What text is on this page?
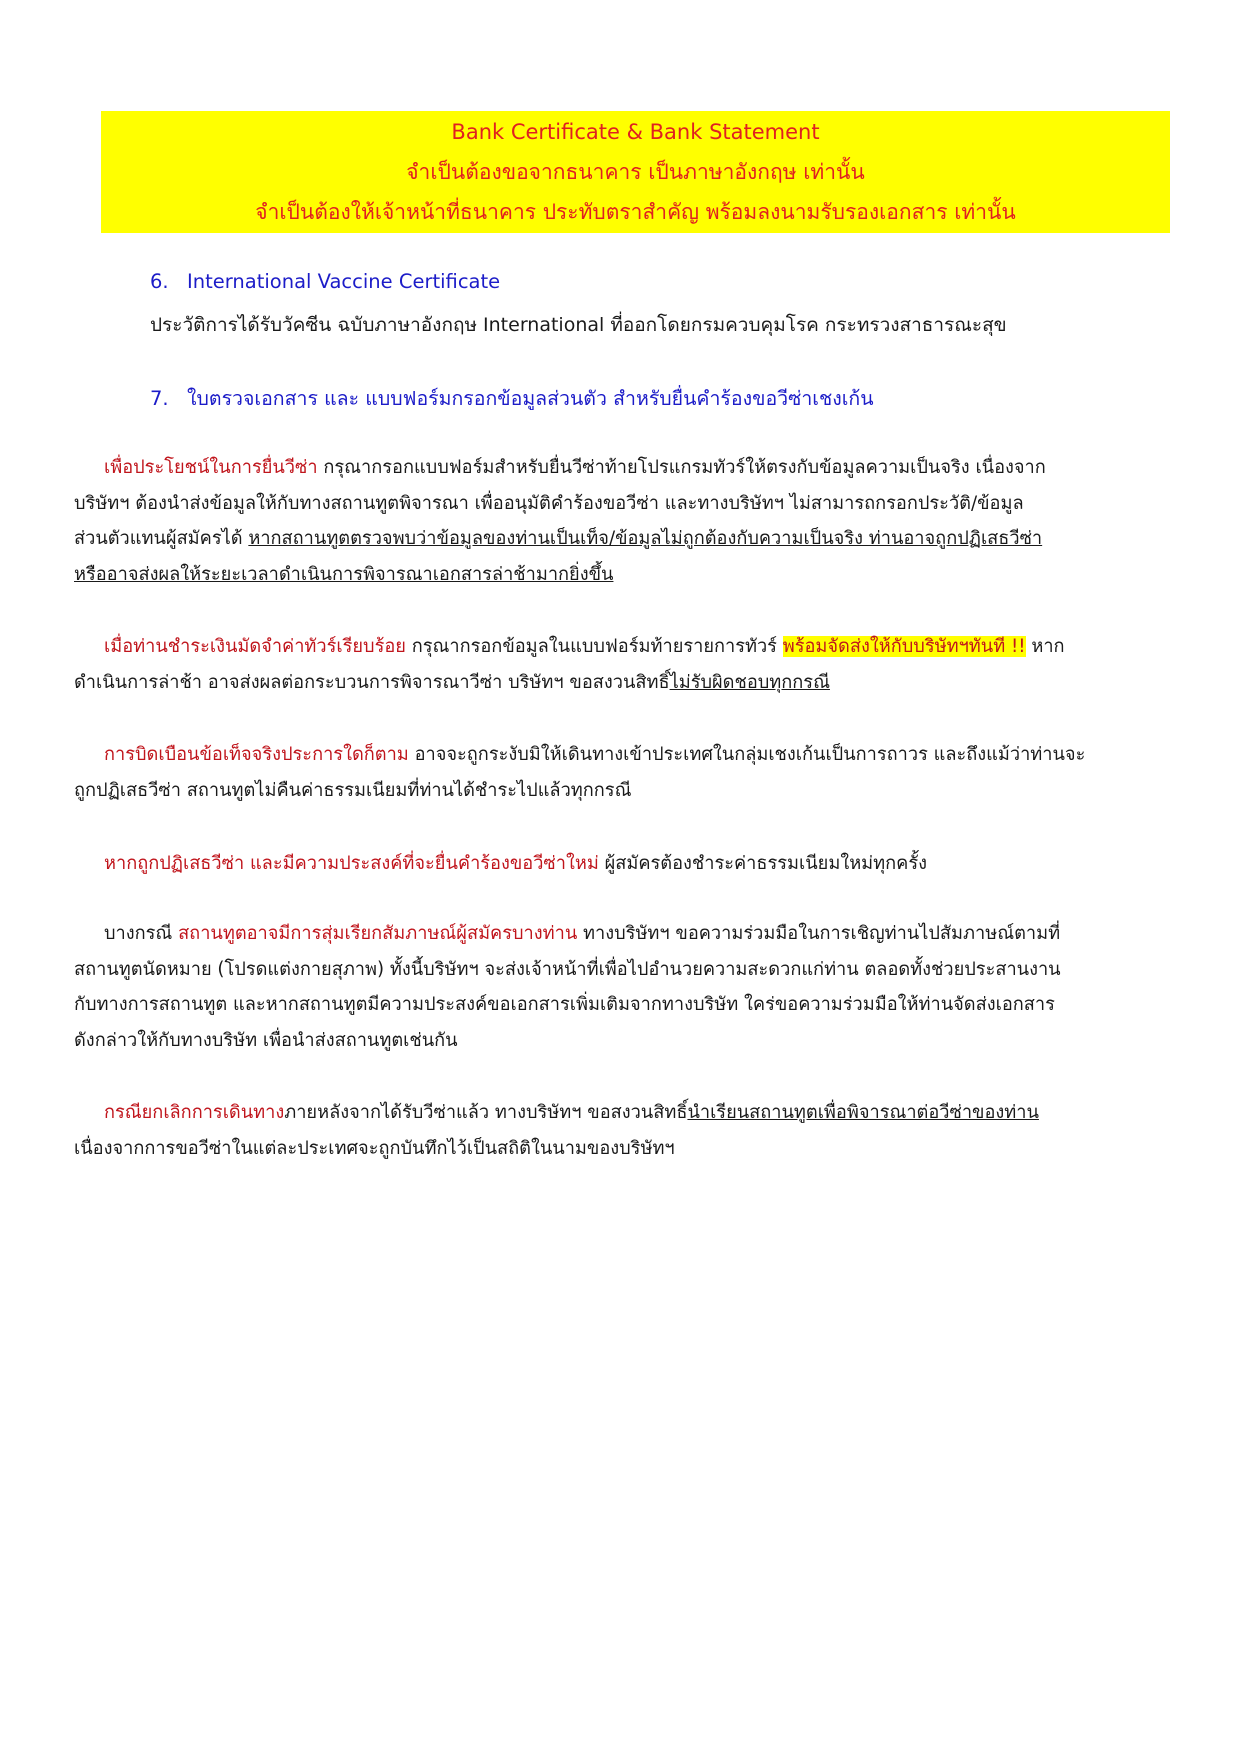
Bank Certificate & Bank Statement
จำเป็นต้องขอจากธนาคาร เป็นภาษาอังกฤษ เท่านั้น
จำเป็นต้องให้เจ้าหน้าที่ธนาคาร ประทับตราสำคัญ พร้อมลงนามรับรองเอกสาร เท่านั้น
6. International Vaccine Certificate
ประวัติการได้รับวัคซีน ฉบับภาษาอังกฤษ International ที่ออกโดยกรมควบคุมโรค กระทรวงสาธารณะสุข
7. ใบตรวจเอกสาร และ แบบฟอร์มกรอกข้อมูลส่วนตัว สำหรับยื่นคำร้องขอวีซ่าเชงเก้น
เพื่อประโยชน์ในการยื่นวีซ่า กรุณากรอกแบบฟอร์มสำหรับยื่นวีซ่าท้ายโปรแกรมทัวร์ให้ตรงกับข้อมูลความเป็นจริง เนื่องจาก
บริษัทฯ ต้องนำส่งข้อมูลให้กับทางสถานทูตพิจารณา เพื่ออนุมัติคำร้องขอวีซ่า และทางบริษัทฯ ไม่สามารถกรอกประวัติ/ข้อมูล
ส่วนตัวแทนผู้สมัครได้ หากสถานทูตตรวจพบว่าข้อมูลของท่านเป็นเท็จ/ข้อมูลไม่ถูกต้องกับความเป็นจริง ท่านอาจถูกปฏิเสธวีซ่า
หรืออาจส่งผลให้ระยะเวลาดำเนินการพิจารณาเอกสารล่าช้ามากยิ่งขึ้น
เมื่อท่านชำระเงินมัดจำค่าทัวร์เรียบร้อย กรุณากรอกข้อมูลในแบบฟอร์มท้ายรายการทัวร์ พร้อมจัดส่งให้กับบริษัทฯทันที !! หาก
ดำเนินการล่าช้า อาจส่งผลต่อกระบวนการพิจารณาวีซ่า บริษัทฯ ขอสงวนสิทธิ์ไม่รับผิดชอบทุกกรณี
การบิดเบือนข้อเท็จจริงประการใดก็ตาม อาจจะถูกระงับมิให้เดินทางเข้าประเทศในกลุ่มเชงเก้นเป็นการถาวร และถึงแม้ว่าท่านจะ
ถูกปฏิเสธวีซ่า สถานทูตไม่คืนค่าธรรมเนียมที่ท่านได้ชำระไปแล้วทุกกรณี
หากถูกปฏิเสธวีซ่า และมีความประสงค์ที่จะยื่นคำร้องขอวีซ่าใหม่ ผู้สมัครต้องชำระค่าธรรมเนียมใหม่ทุกครั้ง
บางกรณี สถานทูตอาจมีการสุ่มเรียกสัมภาษณ์ผู้สมัครบางท่าน ทางบริษัทฯ ขอความร่วมมือในการเชิญท่านไปสัมภาษณ์ตามที่
สถานทูตนัดหมาย (โปรดแต่งกายสุภาพ) ทั้งนี้บริษัทฯ จะส่งเจ้าหน้าที่เพื่อไปอำนวยความสะดวกแก่ท่าน ตลอดทั้งช่วยประสานงาน
กับทางการสถานทูต และหากสถานทูตมีความประสงค์ขอเอกสารเพิ่มเติมจากทางบริษัท ใคร่ขอความร่วมมือให้ท่านจัดส่งเอกสาร
ดังกล่าวให้กับทางบริษัท เพื่อนำส่งสถานทูตเช่นกัน
กรณียกเลิกการเดินทางภายหลังจากได้รับวีซ่าแล้ว ทางบริษัทฯ ขอสงวนสิทธิ์นำเรียนสถานทูตเพื่อพิจารณาต่อวีซ่าของท่าน
เนื่องจากการขอวีซ่าในแต่ละประเทศจะถูกบันทึกไว้เป็นสถิติในนามของบริษัทฯ
